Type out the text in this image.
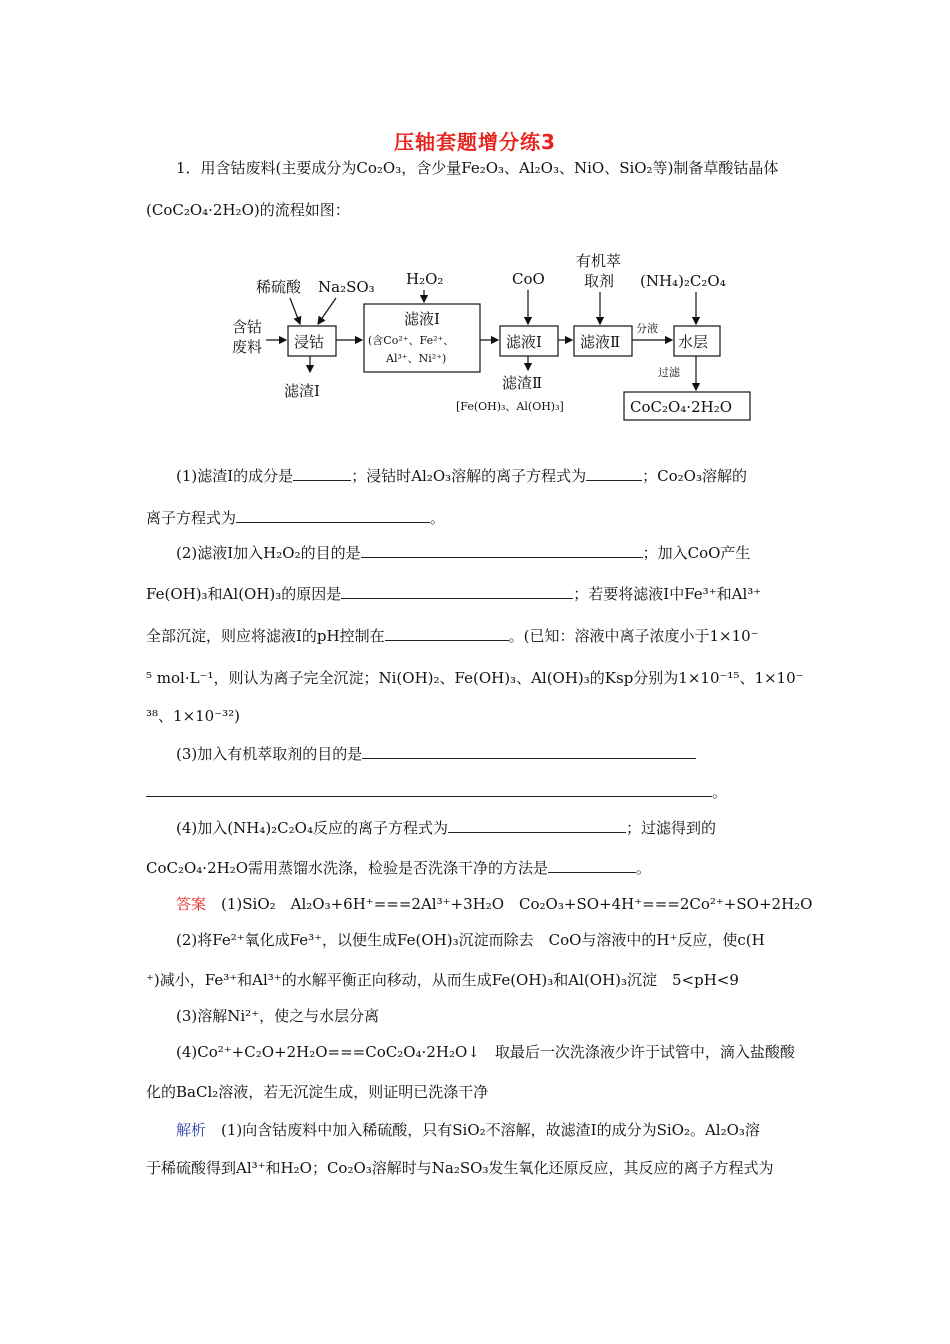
压轴套题增分练3
1．用含钴废料(主要成分为Co₂O₃，含少量Fe₂O₃、Al₂O₃、NiO、SiO₂等)制备草酸钴晶体
(CoC₂O₄·2H₂O)的流程如图：
稀硫酸 Na₂SO₃
含钴
废料 浸钴
滤渣Ⅰ
H₂O₂
滤液Ⅰ
(含Co²⁺、Fe²⁺、
Al³⁺、Ni²⁺)
CoO
滤液Ⅰ
滤渣Ⅱ
[Fe(OH)₃、Al(OH)₃]
有机萃
取剂
滤液Ⅱ
分液
(NH₄)₂C₂O₄
水层
过滤
CoC₂O₄·2H₂O
(1)滤渣Ⅰ的成分是	；浸钴时Al₂O₃溶解的离子方程式为	；Co₂O₃溶解的
离子方程式为	。
(2)滤液Ⅰ加入H₂O₂的目的是	；加入CoO产生
Fe(OH)₃和Al(OH)₃的原因是	；若要将滤液Ⅰ中Fe³⁺和Al³⁺
全部沉淀，则应将滤液Ⅰ的pH控制在	。(已知：溶液中离子浓度小于1×10⁻
⁵ mol·L⁻¹，则认为离子完全沉淀；Ni(OH)₂、Fe(OH)₃、Al(OH)₃的Ksp分别为1×10⁻¹⁵、1×10⁻
³⁸、1×10⁻³²)
(3)加入有机萃取剂的目的是
。
(4)加入(NH₄)₂C₂O₄反应的离子方程式为	；过滤得到的
CoC₂O₄·2H₂O需用蒸馏水洗涤，检验是否洗涤干净的方法是	。
答案　 (1)SiO₂　Al₂O₃+6H⁺===2Al³⁺+3H₂O　Co₂O₃+SO+4H⁺===2Co²⁺+SO+2H₂O
(2)将Fe²⁺氧化成Fe³⁺，以便生成Fe(OH)₃沉淀而除去　CoO与溶液中的H⁺反应，使c(H
⁺)减小，Fe³⁺和Al³⁺的水解平衡正向移动，从而生成Fe(OH)₃和Al(OH)₃沉淀　5<pH<9
(3)溶解Ni²⁺，使之与水层分离
(4)Co²⁺+C₂O+2H₂O===CoC₂O₄·2H₂O↓　取最后一次洗涤液少许于试管中，滴入盐酸酸
化的BaCl₂溶液，若无沉淀生成，则证明已洗涤干净
解析　 (1)向含钴废料中加入稀硫酸，只有SiO₂不溶解，故滤渣Ⅰ的成分为SiO₂。Al₂O₃溶
于稀硫酸得到Al³⁺和H₂O；Co₂O₃溶解时与Na₂SO₃发生氧化还原反应，其反应的离子方程式为
